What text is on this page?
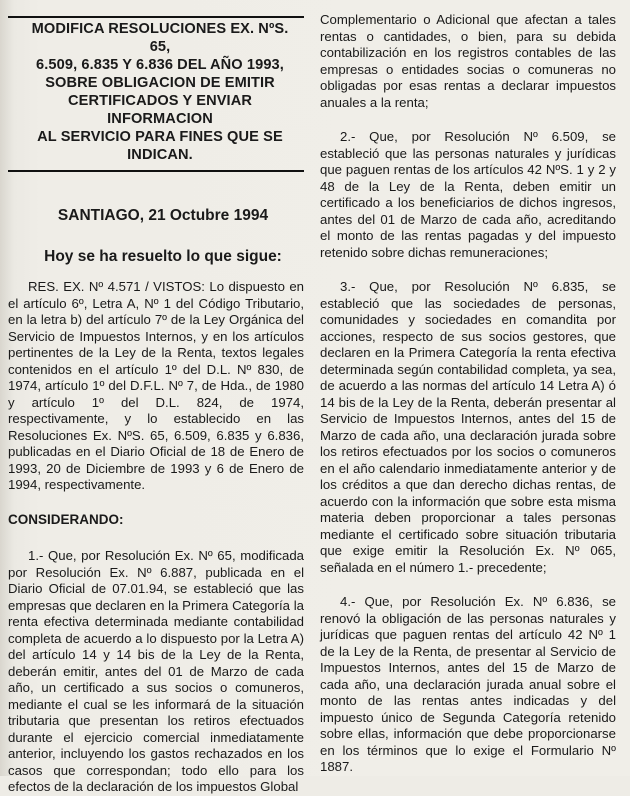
MODIFICA RESOLUCIONES EX. NºS. 65,
6.509, 6.835 Y 6.836 DEL AÑO 1993,
SOBRE OBLIGACION DE EMITIR
CERTIFICADOS Y ENVIAR INFORMACION
AL SERVICIO PARA FINES QUE SE
INDICAN.
SANTIAGO, 21 Octubre 1994
Hoy se ha resuelto lo que sigue:

RES. EX. Nº 4.571 / VISTOS: Lo dispuesto en el artículo 6º, Letra A, Nº 1 del Código Tributario, en la letra b) del artículo 7º de la Ley Orgánica del Servicio de Impuestos Internos, y en los artículos pertinentes de la Ley de la Renta, textos legales contenidos en el artículo 1º del D.L. Nº 830, de 1974, artículo 1º del D.F.L. Nº 7, de Hda., de 1980 y artículo 1º del D.L. 824, de 1974, respectivamente, y lo establecido en las Resoluciones Ex. NºS. 65, 6.509, 6.835 y 6.836, publicadas en el Diario Oficial de 18 de Enero de 1993, 20 de Diciembre de 1993 y 6 de Enero de 1994, respectivamente.

CONSIDERANDO:

1.- Que, por Resolución Ex. Nº 65, modificada por Resolución Ex. Nº 6.887, publicada en el Diario Oficial de 07.01.94, se estableció que las empresas que declaren en la Primera Categoría la renta efectiva determinada mediante contabilidad completa de acuerdo a lo dispuesto por la Letra A) del artículo 14 y 14 bis de la Ley de la Renta, deberán emitir, antes del 01 de Marzo de cada año, un certificado a sus socios o comuneros, mediante el cual se les informará de la situación tributaria que presentan los retiros efectuados durante el ejercicio comercial inmediatamente anterior, incluyendo los gastos rechazados en los casos que correspondan; todo ello para los efectos de la declaración de los impuestos Global

Complementario o Adicional que afectan a tales rentas o cantidades, o bien, para su debida contabilización en los registros contables de las empresas o entidades socias o comuneras no obligadas por esas rentas a declarar impuestos anuales a la renta;

2.- Que, por Resolución Nº 6.509, se estableció que las personas naturales y jurídicas que paguen rentas de los artículos 42 NºS. 1 y 2 y 48 de la Ley de la Renta, deben emitir un certificado a los beneficiarios de dichos ingresos, antes del 01 de Marzo de cada año, acreditando el monto de las rentas pagadas y del impuesto retenido sobre dichas remuneraciones;

3.- Que, por Resolución Nº 6.835, se estableció que las sociedades de personas, comunidades y sociedades en comandita por acciones, respecto de sus socios gestores, que declaren en la Primera Categoría la renta efectiva determinada según contabilidad completa, ya sea, de acuerdo a las normas del artículo 14 Letra A) ó 14 bis de la Ley de la Renta, deberán presentar al Servicio de Impuestos Internos, antes del 15 de Marzo de cada año, una declaración jurada sobre los retiros efectuados por los socios o comuneros en el año calendario inmediatamente anterior y de los créditos a que dan derecho dichas rentas, de acuerdo con la información que sobre esta misma materia deben proporcionar a tales personas mediante el certificado sobre situación tributaria que exige emitir la Resolución Ex. Nº 065, señalada en el número 1.- precedente;

4.- Que, por Resolución Ex. Nº 6.836, se renovó la obligación de las personas naturales y jurídicas que paguen rentas del artículo 42 Nº 1 de la Ley de la Renta, de presentar al Servicio de Impuestos Internos, antes del 15 de Marzo de cada año, una declaración jurada anual sobre el monto de las rentas antes indicadas y del impuesto único de Segunda Categoría retenido sobre ellas, información que debe proporcionarse en los términos que lo exige el Formulario Nº 1887.
